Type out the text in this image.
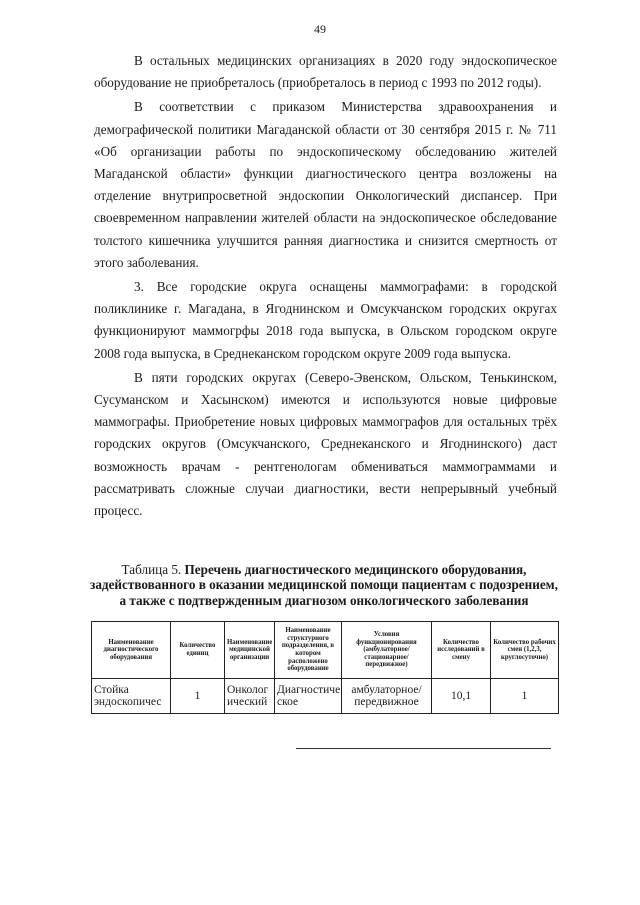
49

В остальных медицинских организациях в 2020 году эндоскопическое оборудование не приобреталось (приобреталось в период с 1993 по 2012 годы).

В соответствии с приказом Министерства здравоохранения и демографической политики Магаданской области от 30 сентября 2015 г. № 711 «Об организации работы по эндоскопическому обследованию жителей Магаданской области» функции диагностического центра возложены на отделение внутрипросветной эндоскопии Онкологический диспансер. При своевременном направлении жителей области на эндоскопическое обследование толстого кишечника улучшится ранняя диагностика и снизится смертность от этого заболевания.

3. Все городские округа оснащены маммографами: в городской поликлинике г. Магадана, в Ягоднинском и Омсукчанском городских округах функционируют маммогрфы 2018 года выпуска, в Ольском городском округе 2008 года выпуска, в Среднеканском городском округе 2009 года выпуска.

В пяти городских округах (Северо-Эвенском, Ольском, Тенькинском, Сусуманском и Хасынском) имеются и используются новые цифровые маммографы. Приобретение новых цифровых маммографов для остальных трёх городских округов (Омсукчанского, Среднеканского и Ягоднинского) даст возможность врачам - рентгенологам обмениваться маммограммами и рассматривать сложные случаи диагностики, вести непрерывный учебный процесс.

Таблица 5. Перечень диагностического медицинского оборудования, задействованного в оказании медицинской помощи пациентам с подозрением, а также с подтвержденным диагнозом онкологического заболевания
Наименование диагностического оборудования	Количество единиц	Наименование медицинской организации	Наименование структурного подразделения, в котором расположено оборудование	Условия функционирования (амбулаторное/ стационарное/ передвижное)	Количество исследований в смену	Количество рабочих смен (1,2,3, круглосуточно)
Стойка эндоскопичес	1	Онколог ический	Диагностиче ское	амбулаторное/ передвижное	10,1	1
